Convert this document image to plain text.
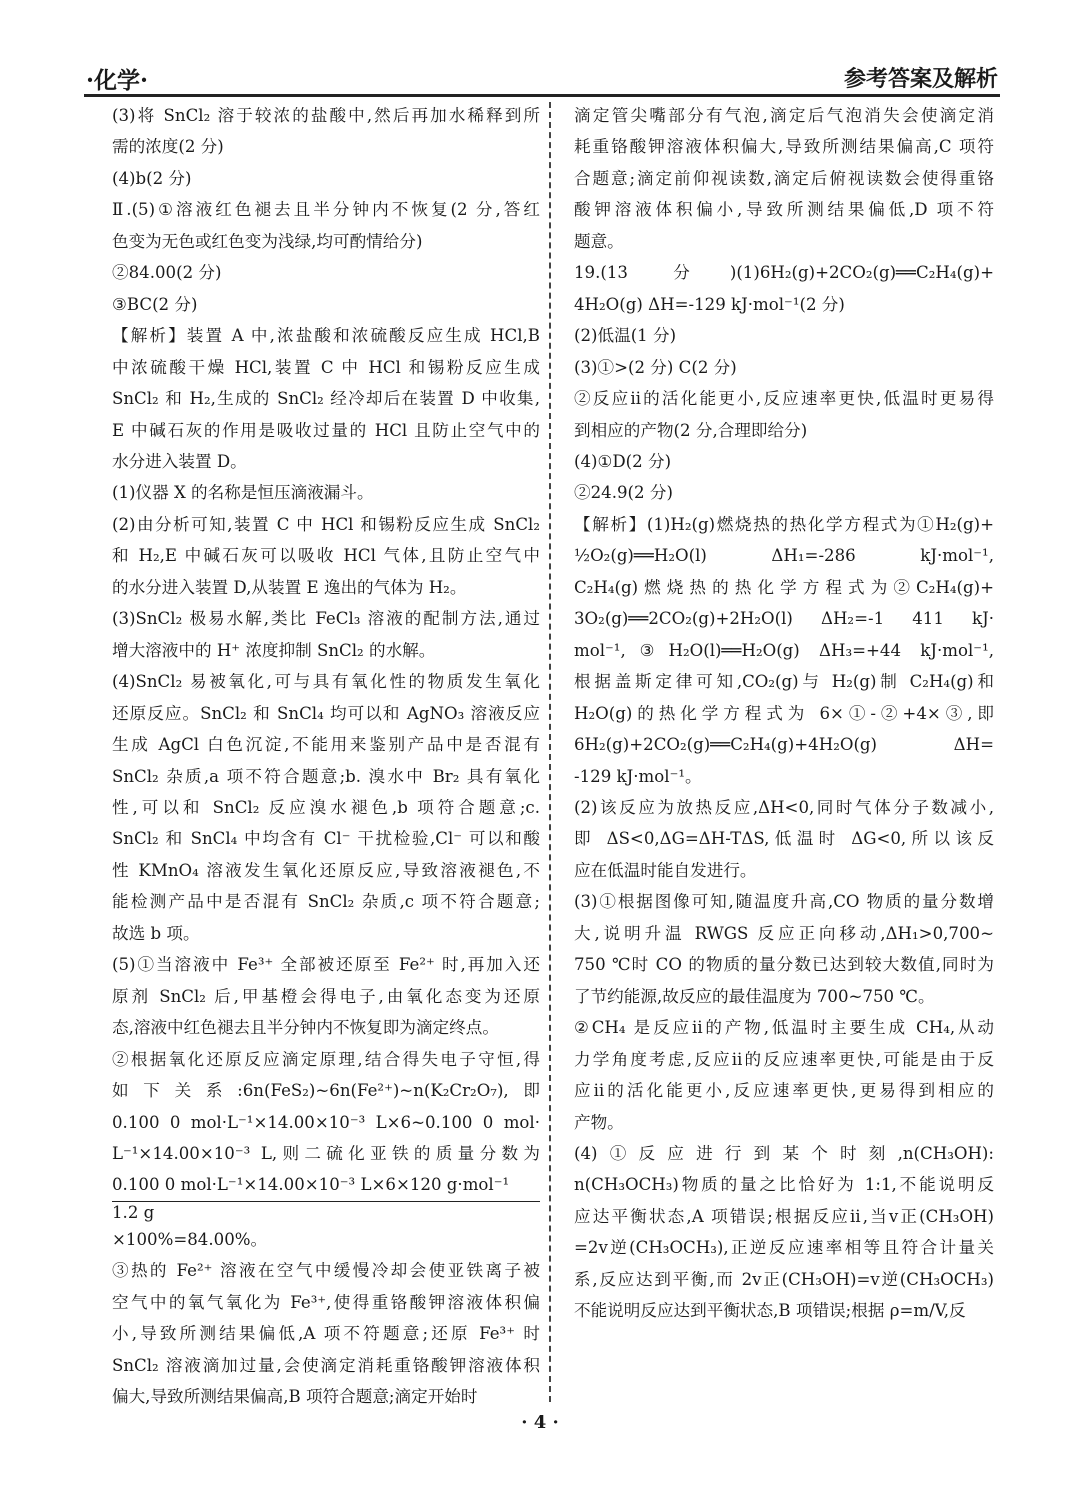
·化学·	参考答案及解析

(3)将 SnCl₂ 溶于较浓的盐酸中,然后再加水稀释到所

需的浓度(2 分)

(4)b(2 分)

Ⅱ.(5)①溶液红色褪去且半分钟内不恢复(2 分,答红

色变为无色或红色变为浅绿,均可酌情给分)

②84.00(2 分)

③BC(2 分)

【解析】装置 A 中,浓盐酸和浓硫酸反应生成 HCl,B

中浓硫酸干燥 HCl,装置 C 中 HCl 和锡粉反应生成

SnCl₂ 和 H₂,生成的 SnCl₂ 经冷却后在装置 D 中收集,

E 中碱石灰的作用是吸收过量的 HCl 且防止空气中的

水分进入装置 D。

(1)仪器 X 的名称是恒压滴液漏斗。

(2)由分析可知,装置 C 中 HCl 和锡粉反应生成 SnCl₂

和 H₂,E 中碱石灰可以吸收 HCl 气体,且防止空气中

的水分进入装置 D,从装置 E 逸出的气体为 H₂。

(3)SnCl₂ 极易水解,类比 FeCl₃ 溶液的配制方法,通过

增大溶液中的 H⁺ 浓度抑制 SnCl₂ 的水解。

(4)SnCl₂ 易被氧化,可与具有氧化性的物质发生氧化

还原反应。SnCl₂ 和 SnCl₄ 均可以和 AgNO₃ 溶液反应

生成 AgCl 白色沉淀,不能用来鉴别产品中是否混有

SnCl₂ 杂质,a 项不符合题意;b. 溴水中 Br₂ 具有氧化

性,可以和 SnCl₂ 反应溴水褪色,b 项符合题意;c.

SnCl₂ 和 SnCl₄ 中均含有 Cl⁻ 干扰检验,Cl⁻ 可以和酸

性 KMnO₄ 溶液发生氧化还原反应,导致溶液褪色,不

能检测产品中是否混有 SnCl₂ 杂质,c 项不符合题意;

故选 b 项。

(5)①当溶液中 Fe³⁺ 全部被还原至 Fe²⁺ 时,再加入还

原剂 SnCl₂ 后,甲基橙会得电子,由氧化态变为还原

态,溶液中红色褪去且半分钟内不恢复即为滴定终点。

②根据氧化还原反应滴定原理,结合得失电子守恒,得

如下关系:6n(FeS₂)~6n(Fe²⁺)~n(K₂Cr₂O₇),即

0.100 0 mol·L⁻¹×14.00×10⁻³ L×6~0.100 0 mol·

L⁻¹×14.00×10⁻³ L,则二硫化亚铁的质量分数为

0.100 0 mol·L⁻¹×14.00×10⁻³ L×6×120 g·mol⁻¹

1.2 g

×100%=84.00%。

③热的 Fe²⁺ 溶液在空气中缓慢冷却会使亚铁离子被

空气中的氧气氧化为 Fe³⁺,使得重铬酸钾溶液体积偏

小,导致所测结果偏低,A 项不符题意;还原 Fe³⁺ 时

SnCl₂ 溶液滴加过量,会使滴定消耗重铬酸钾溶液体积

偏大,导致所测结果偏高,B 项符合题意;滴定开始时

滴定管尖嘴部分有气泡,滴定后气泡消失会使滴定消

耗重铬酸钾溶液体积偏大,导致所测结果偏高,C 项符

合题意;滴定前仰视读数,滴定后俯视读数会使得重铬

酸钾溶液体积偏小,导致所测结果偏低,D 项不符

题意。

19.(13 分)(1)6H₂(g)+2CO₂(g)══C₂H₄(g)+

4H₂O(g) ΔH=-129 kJ·mol⁻¹(2 分)

(2)低温(1 分)

(3)①>(2 分) C(2 分)

②反应ⅱ的活化能更小,反应速率更快,低温时更易得

到相应的产物(2 分,合理即给分)

(4)①D(2 分)

②24.9(2 分)

【解析】(1)H₂(g)燃烧热的热化学方程式为①H₂(g)+

½O₂(g)══H₂O(l) ΔH₁=-286 kJ·mol⁻¹,

C₂H₄(g)燃烧热的热化学方程式为②C₂H₄(g)+

3O₂(g)══2CO₂(g)+2H₂O(l) ΔH₂=-1 411 kJ·

mol⁻¹,③H₂O(l)══H₂O(g) ΔH₃=+44 kJ·mol⁻¹,

根据盖斯定律可知,CO₂(g)与 H₂(g)制 C₂H₄(g)和

H₂O(g)的热化学方程式为 6×①-②+4×③,即

6H₂(g)+2CO₂(g)══C₂H₄(g)+4H₂O(g) ΔH=

-129 kJ·mol⁻¹。

(2)该反应为放热反应,ΔH<0,同时气体分子数减小,

即 ΔS<0,ΔG=ΔH-TΔS,低温时 ΔG<0,所以该反

应在低温时能自发进行。

(3)①根据图像可知,随温度升高,CO 物质的量分数增

大,说明升温 RWGS 反应正向移动,ΔH₁>0,700~

750 ℃时 CO 的物质的量分数已达到较大数值,同时为

了节约能源,故反应的最佳温度为 700~750 ℃。

②CH₄ 是反应ⅱ的产物,低温时主要生成 CH₄,从动

力学角度考虑,反应ⅱ的反应速率更快,可能是由于反

应ⅱ的活化能更小,反应速率更快,更易得到相应的

产物。

(4)①反应进行到某个时刻,n(CH₃OH):

n(CH₃OCH₃)物质的量之比恰好为 1:1,不能说明反

应达平衡状态,A 项错误;根据反应ⅱ,当v正(CH₃OH)

=2v逆(CH₃OCH₃),正逆反应速率相等且符合计量关

系,反应达到平衡,而 2v正(CH₃OH)=v逆(CH₃OCH₃)

不能说明反应达到平衡状态,B 项错误;根据 ρ=m/V,反

· 4 ·
